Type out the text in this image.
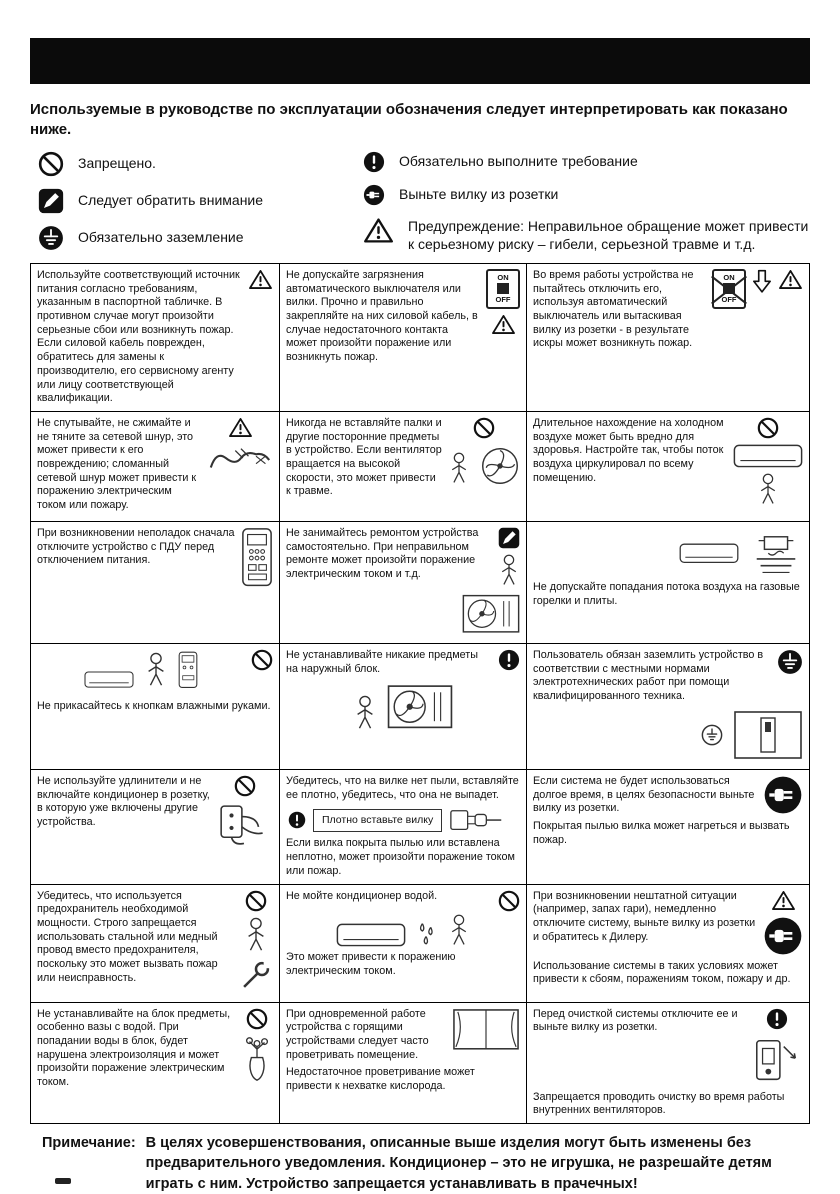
Используемые в руководстве по эксплуатации обозначения следует интерпретировать как показано ниже.
Запрещено.
Следует обратить внимание
Обязательно заземление
Обязательно выполните требование
Выньте вилку из розетки
Предупреждение: Неправильное обращение может привести к серьезному риску – гибели, серьезной травме и т.д.
Используйте соответствующий источник питания согласно требованиям, указанным в паспортной табличке. В противном случае могут произойти серьезные сбои или возникнуть пожар. Если силовой кабель поврежден, обратитесь для замены к производителю, его сервисному агенту или лицу соответствующей квалификации.
Не допускайте загрязнения автоматического выключателя или вилки. Прочно и правильно закрепляйте на них силовой кабель, в случае недостаточного контакта может произойти поражение или возникнуть пожар.
ON
OFF
Во время работы устройства не пытайтесь отключить его, используя автоматический выключатель или вытаскивая вилку из розетки - в результате искры может возникнуть пожар.
ON
OFF
Не спутывайте, не сжимайте и не тяните за сетевой шнур, это может привести к его повреждению; сломанный сетевой шнур может привести к поражению электрическим током или пожару.
Никогда не вставляйте палки и другие посторонние предметы в устройство. Если вентилятор вращается на высокой скорости, это может привести к травме.
Длительное нахождение на холодном воздухе может быть вредно для здоровья. Настройте так, чтобы поток воздуха циркулировал по всему помещению.
При возникновении неполадок сначала отключите устройство с ПДУ перед отключением питания.
Не занимайтесь ремонтом устройства самостоятельно. При неправильном ремонте может произойти поражение электрическим током и т.д.
Не допускайте попадания потока воздуха на газовые горелки и плиты.
Не прикасайтесь к кнопкам влажными руками.
Не устанавливайте никакие предметы на наружный блок.
Пользователь обязан заземлить устройство в соответствии с местными нормами электротехнических работ при помощи квалифицированного техника.
Не используйте удлинители и не включайте кондиционер в розетку, в которую уже включены другие устройства.
Убедитесь, что на вилке нет пыли, вставляйте ее плотно, убедитесь, что она не выпадет.
Плотно вставьте вилку
Если вилка покрыта пылью или вставлена неплотно, может произойти поражение током или пожар.
Если система не будет использоваться долгое время, в целях безопасности выньте вилку из розетки.
Покрытая пылью вилка может нагреться и вызвать пожар.
Убедитесь, что используется предохранитель необходимой мощности. Строго запрещается использовать стальной или медный провод вместо предохранителя, поскольку это может вызвать пожар или неисправность.
Не мойте кондиционер водой.
Это может привести к поражению электрическим током.
При возникновении нештатной ситуации (например, запах гари), немедленно отключите систему, выньте вилку из розетки и обратитесь к Дилеру.
Использование системы в таких условиях может привести к сбоям, поражениям током, пожару и др.
Не устанавливайте на блок предметы, особенно вазы с водой. При попадании воды в блок, будет нарушена электроизоляция и может произойти поражение электрическим током.
При одновременной работе устройства с горящими устройствами следует часто проветривать помещение.
Недостаточное проветривание может привести к нехватке кислорода.
Перед очисткой системы отключите ее и выньте вилку из розетки.
Запрещается проводить очистку во время работы внутренних вентиляторов.
Примечание: В целях усовершенствования, описанные выше изделия могут быть изменены без предварительного уведомления. Кондиционер – это не игрушка, не разрешайте детям играть с ним. Устройство запрещается устанавливать в прачечных!
